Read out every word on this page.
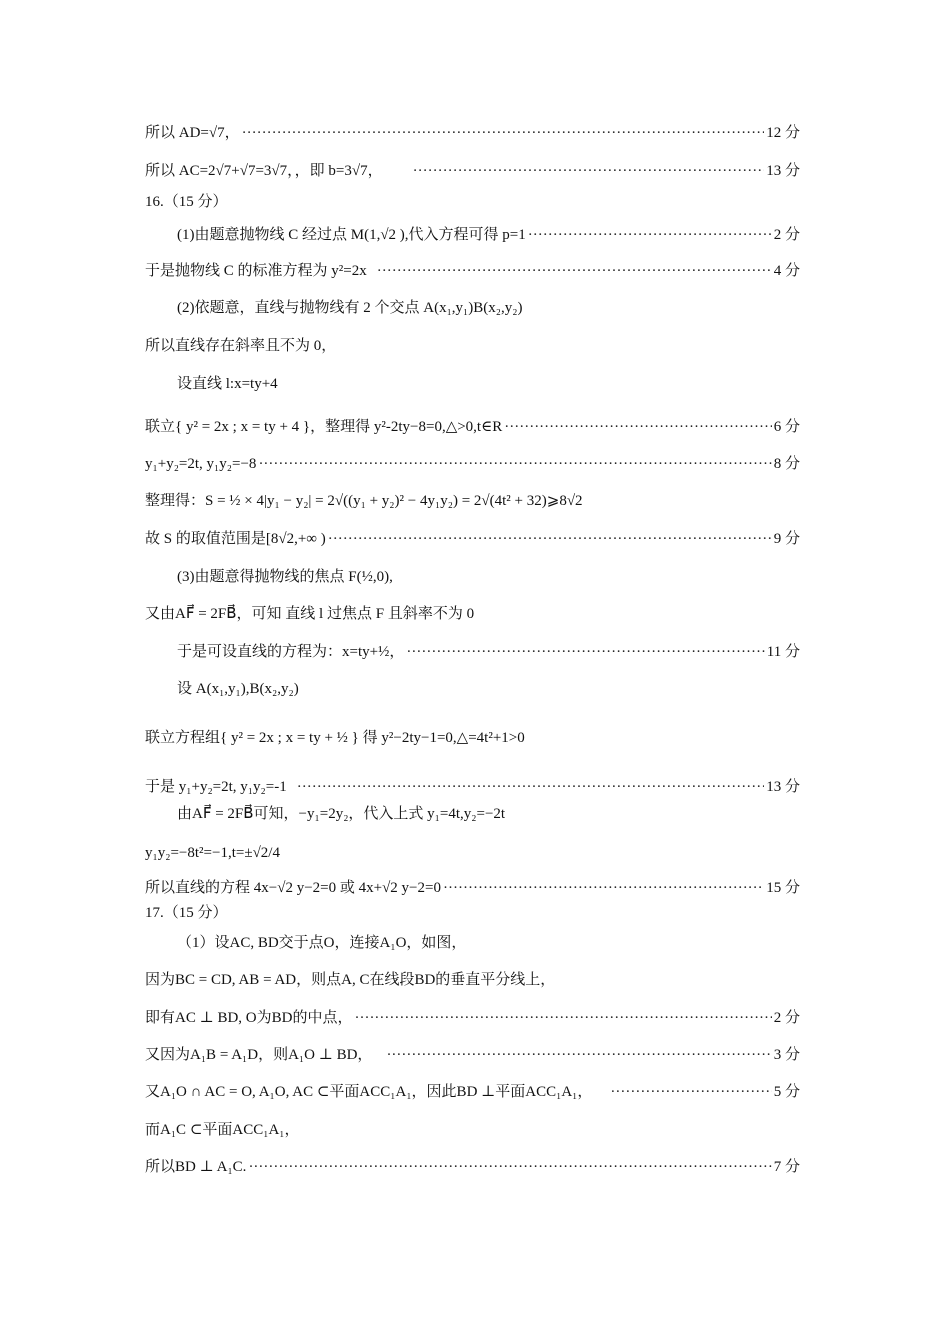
所以 AD=√7， ·····	12 分
所以 AC=2√7+√7=3√7，，即 b=3√7， ·····	13 分
16.（15 分）
(1)由题意抛物线 C 经过点 M(1,√2 ),代入方程可得 p=1 ·····	2 分
于是抛物线 C 的标准方程为 y²=2x ·····	4 分
(2)依题意，直线与抛物线有 2 个交点 A(x₁,y₁)B(x₂,y₂)
所以直线存在斜率且不为 0，
设直线 l:x=ty+4
联立{ y² = 2x ; x = ty + 4 }，整理得 y²-2ty−8=0,△>0,t∈R ·····	6 分
y₁+y₂=2t, y₁y₂=−8 ·····	8 分
整理得：S = ½ × 4|y₁ − y₂| = 2√((y₁ + y₂)² − 4y₁y₂) = 2√(4t² + 32)⩾8√2
故 S 的取值范围是[8√2,+∞ ) ·····	9 分
(3)由题意得抛物线的焦点 F(½,0),
又由AF⃗ = 2FB⃗，可知 直线 l 过焦点 F 且斜率不为 0
于是可设直线的方程为：x=ty+½， ·····	11 分
设 A(x₁,y₁),B(x₂,y₂)
联立方程组{ y² = 2x ; x = ty + ½ } 得 y²−2ty−1=0,△=4t²+1>0
于是 y₁+y₂=2t, y₁y₂=-1 ·····	13 分
由AF⃗ = 2FB⃗可知，−y₁=2y₂，代入上式 y₁=4t,y₂=−2t
y₁y₂=−8t²=−1,t=±√2/4
所以直线的方程 4x−√2 y−2=0 或 4x+√2 y−2=0 ·····	15 分
17.（15 分）
（1）设AC, BD交于点O，连接A₁O，如图，
因为BC = CD, AB = AD，则点A, C在线段BD的垂直平分线上，
即有AC ⊥ BD, O为BD的中点， ·····	2 分
又因为A₁B = A₁D，则A₁O ⊥ BD， ·····	3 分
又A₁O ∩ AC = O, A₁O, AC ⊂平面ACC₁A₁，因此BD ⊥平面ACC₁A₁， ·····	5 分
而A₁C ⊂平面ACC₁A₁，
所以BD ⊥ A₁C. ·····	7 分
